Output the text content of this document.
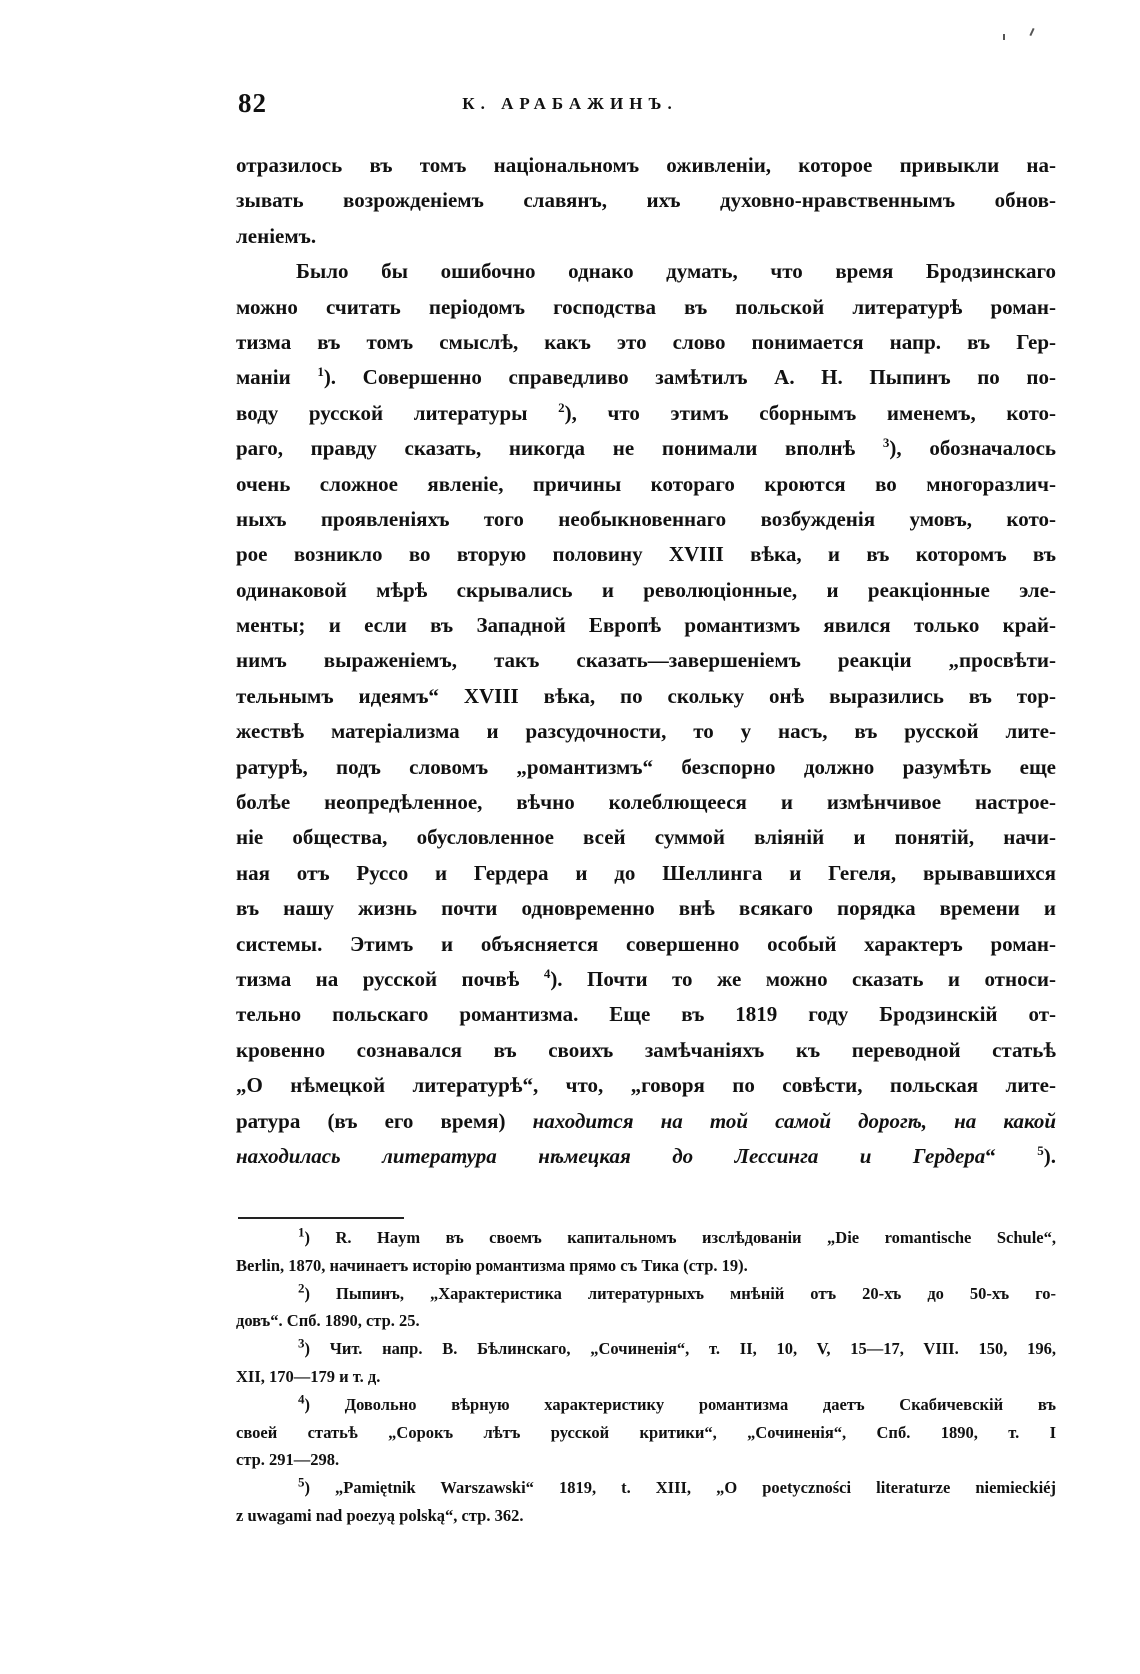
82	К. АРАБАЖИНЪ.
отразилось въ томъ національномъ оживленіи, которое привыкли на-
зывать возрожденіемъ славянъ, ихъ духовно-нравственнымъ обнов-
леніемъ.
Было бы ошибочно однако думать, что время Бродзинскаго
можно считать періодомъ господства въ польской литературѣ роман-
тизма въ томъ смыслѣ, какъ это слово понимается напр. въ Гер-
маніи $^1$). Совершенно справедливо замѣтилъ А. Н. Пыпинъ по по-
воду русской литературы $^2$), что этимъ сборнымъ именемъ, кото-
раго, правду сказать, никогда не понимали вполнѣ $^3$), обозначалось
очень сложное явленіе, причины котораго кроются во многоразлич-
ныхъ проявленіяхъ того необыкновеннаго возбужденія умовъ, кото-
рое возникло во вторую половину XVIII вѣка, и въ которомъ въ
одинаковой мѣрѣ скрывались и революціонные, и реакціонные эле-
менты; и если въ Западной Европѣ романтизмъ явился только край-
нимъ выраженіемъ, такъ сказать—завершеніемъ реакціи „просвѣти-
тельнымъ идеямъ“ XVIII вѣка, по скольку онѣ выразились въ тор-
жествѣ матеріализма и разсудочности, то у насъ, въ русской лите-
ратурѣ, подъ словомъ „романтизмъ“ безспорно должно разумѣть еще
болѣе неопредѣленное, вѣчно колеблющееся и измѣнчивое настрое-
ніе общества, обусловленное всей суммой вліяній и понятій, начи-
ная отъ Руссо и Гердера и до Шеллинга и Гегеля, врывавшихся
въ нашу жизнь почти одновременно внѣ всякаго порядка времени и
системы. Этимъ и объясняется совершенно особый характеръ роман-
тизма на русской почвѣ $^4$). Почти то же можно сказать и относи-
тельно польскаго романтизма. Еще въ 1819 году Бродзинскій от-
кровенно сознавался въ своихъ замѣчаніяхъ къ переводной статьѣ
„О нѣмецкой литературѣ“, что, „говоря по совѣсти, польская лите-
ратура (въ его время) находится на той самой дорогѣ, на какой
находилась литература нѣмецкая до Лессинга и Гердера“	$^5$).
$^1$) R. Наym въ своемъ капитальномъ изслѣдованіи „Die romantische Schule“,
Berlin, 1870, начинаетъ исторію романтизма прямо съ Тика (стр. 19).
$^2$) Пыпинъ, „Характеристика литературныхъ мнѣній отъ 20-хъ до 50-хъ го-
довъ“. Спб. 1890, стр. 25.
$^3$) Чит. напр. В. Бѣлинскаго, „Сочиненія“, т. II, 10, V, 15—17, VIII. 150, 196,
XII, 170—179 и т. д.
$^4$) Довольно вѣрную характеристику романтизма даетъ Скабичевскій въ
своей статьѣ „Сорокъ лѣтъ русской критики“, „Сочиненія“, Спб. 1890, т. I
стр. 291—298.
$^5$) „Pamiętnik Warszawski“ 1819, t. XIII, „O poetyczności literaturze niemieckiéj
z uwagami nad poezyą polską“, стр. 362.
